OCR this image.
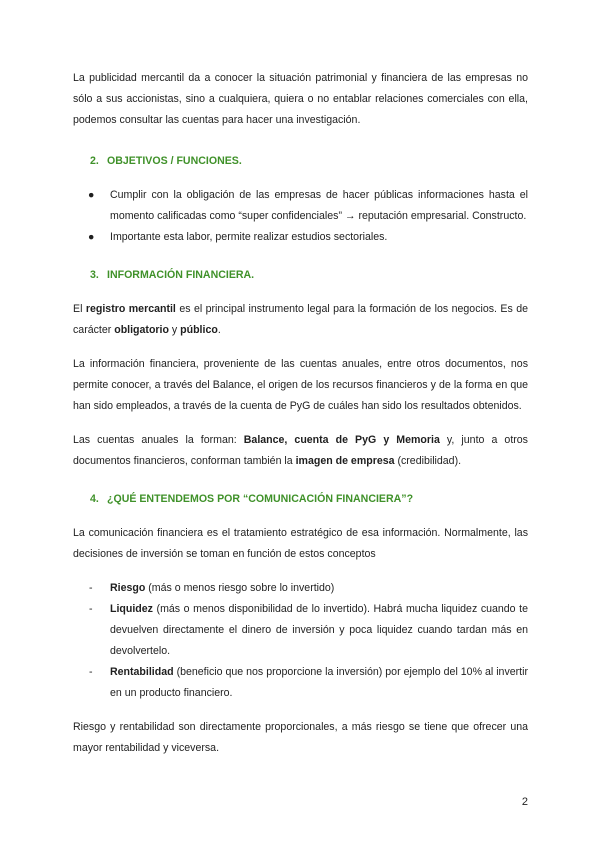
La publicidad mercantil da a conocer la situación patrimonial y financiera de las empresas no sólo a sus accionistas, sino a cualquiera, quiera o no entablar relaciones comerciales con ella, podemos consultar las cuentas para hacer una investigación.

2. OBJETIVOS / FUNCIONES.
● Cumplir con la obligación de las empresas de hacer públicas informaciones hasta el momento calificadas como “super confidenciales” → reputación empresarial. Constructo.
● Importante esta labor, permite realizar estudios sectoriales.
3. INFORMACIÓN FINANCIERA.

El registro mercantil es el principal instrumento legal para la formación de los negocios. Es de carácter obligatorio y público.

La información financiera, proveniente de las cuentas anuales, entre otros documentos, nos permite conocer, a través del Balance, el origen de los recursos financieros y de la forma en que han sido empleados, a través de la cuenta de PyG de cuáles han sido los resultados obtenidos.

Las cuentas anuales la forman: Balance, cuenta de PyG y Memoria y, junto a otros documentos financieros, conforman también la imagen de empresa (credibilidad).

4. ¿QUÉ ENTENDEMOS POR “COMUNICACIÓN FINANCIERA”?

La comunicación financiera es el tratamiento estratégico de esa información. Normalmente, las decisiones de inversión se toman en función de estos conceptos

- Riesgo (más o menos riesgo sobre lo invertido)
- Liquidez (más o menos disponibilidad de lo invertido). Habrá mucha liquidez cuando te devuelven directamente el dinero de inversión y poca liquidez cuando tardan más en devolvertelo.
- Rentabilidad (beneficio que nos proporcione la inversión) por ejemplo del 10% al invertir en un producto financiero.

Riesgo y rentabilidad son directamente proporcionales, a más riesgo se tiene que ofrecer una mayor rentabilidad y viceversa.

2
